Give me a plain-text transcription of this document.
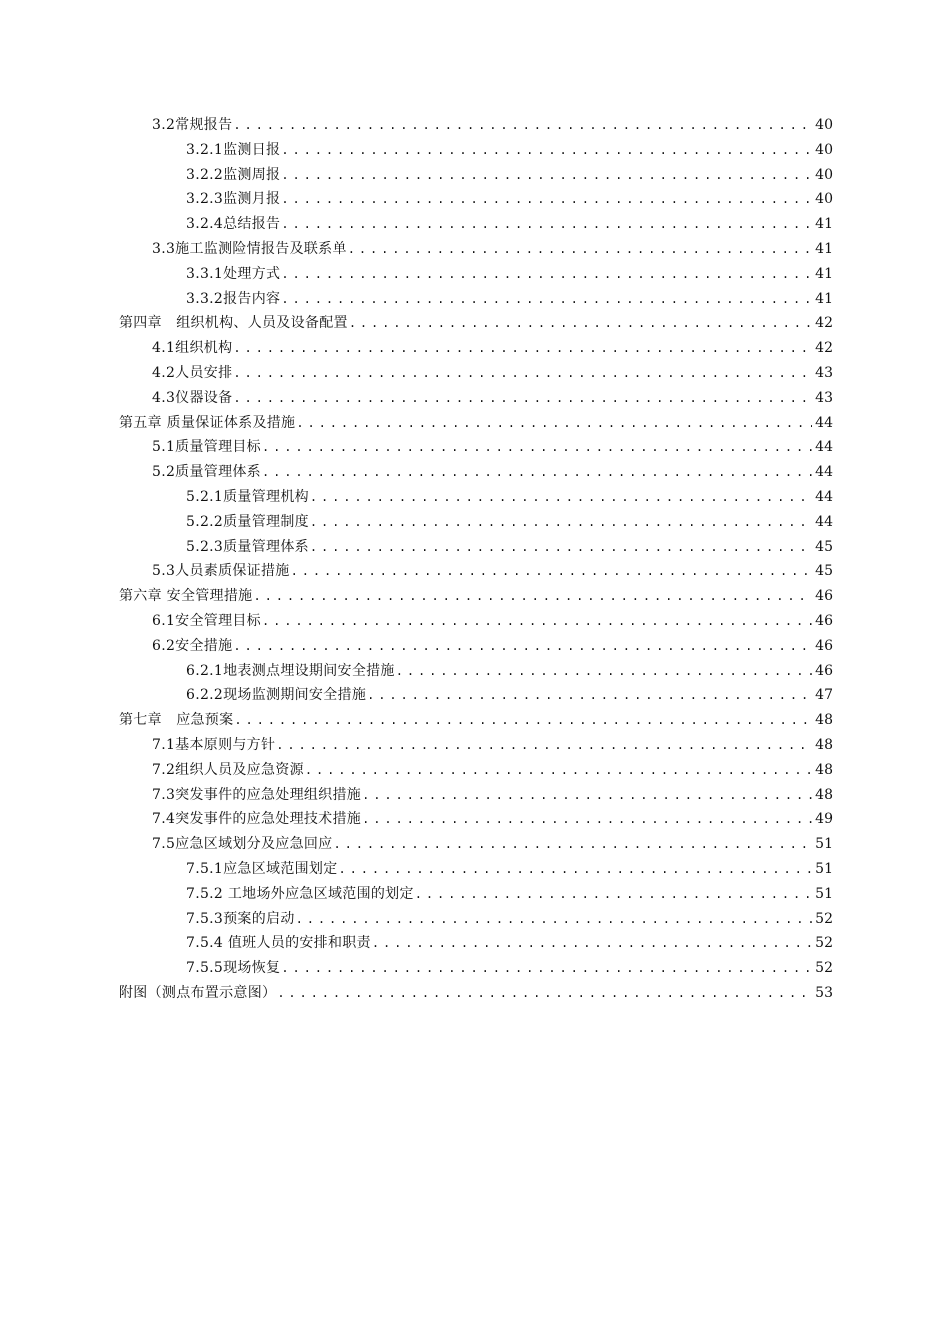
3.2常规报告 .....	40
3.2.1监测日报 .....	40
3.2.2监测周报 .....	40
3.2.3监测月报 .....	40
3.2.4总结报告 .....	41
3.3施工监测险情报告及联系单 .....	41
3.3.1处理方式 .....	41
3.3.2报告内容 .....	41
第四章　组织机构、人员及设备配置 .....	42
4.1组织机构 .....	42
4.2人员安排 .....	43
4.3仪器设备 .....	43
第五章 质量保证体系及措施 .....	44
5.1质量管理目标 .....	44
5.2质量管理体系 .....	44
5.2.1质量管理机构 .....	44
5.2.2质量管理制度 .....	44
5.2.3质量管理体系 .....	45
5.3人员素质保证措施 .....	45
第六章 安全管理措施 .....	46
6.1安全管理目标 .....	46
6.2安全措施 .....	46
6.2.1地表测点埋设期间安全措施 .....	46
6.2.2现场监测期间安全措施 .....	47
第七章　应急预案 .....	48
7.1基本原则与方针 .....	48
7.2组织人员及应急资源 .....	48
7.3突发事件的应急处理组织措施 .....	48
7.4突发事件的应急处理技术措施 .....	49
7.5应急区域划分及应急回应 .....	51
7.5.1应急区域范围划定 .....	51
7.5.2 工地场外应急区域范围的划定 .....	51
7.5.3预案的启动 .....	52
7.5.4 值班人员的安排和职责 .....	52
7.5.5现场恢复 .....	52
附图（测点布置示意图） .....	53
